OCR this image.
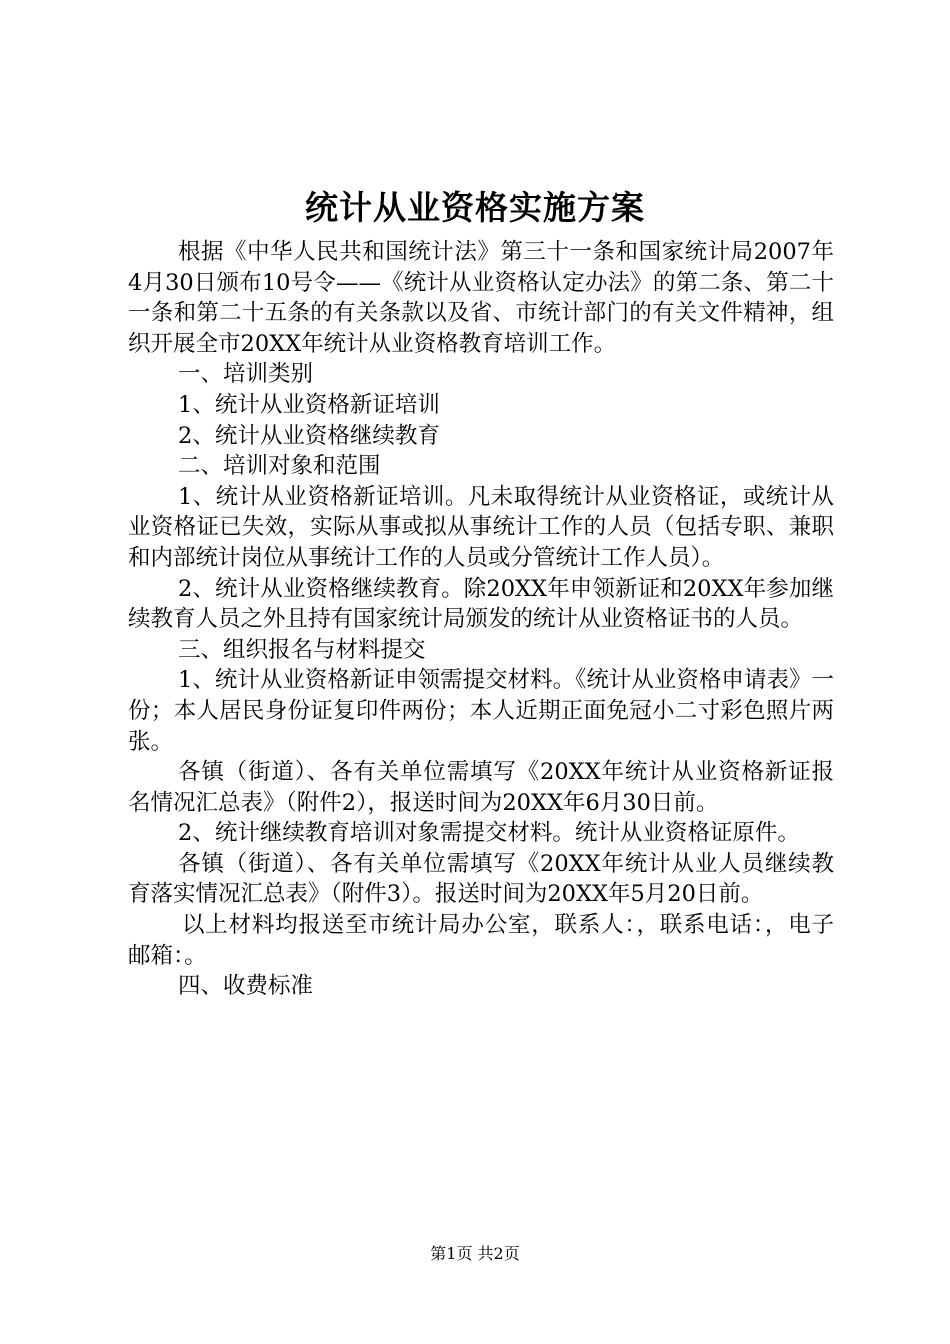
统计从业资格实施方案

根据《中华人民共和国统计法》第三十一条和国家统计局2007年4月30日颁布10号令——《统计从业资格认定办法》的第二条、第二十一条和第二十五条的有关条款以及省、市统计部门的有关文件精神，组织开展全市20XX年统计从业资格教育培训工作。

一、培训类别

1、统计从业资格新证培训

2、统计从业资格继续教育

二、培训对象和范围

1、统计从业资格新证培训。凡未取得统计从业资格证，或统计从业资格证已失效，实际从事或拟从事统计工作的人员（包括专职、兼职和内部统计岗位从事统计工作的人员或分管统计工作人员）。

2、统计从业资格继续教育。除20XX年申领新证和20XX年参加继续教育人员之外且持有国家统计局颁发的统计从业资格证书的人员。

三、组织报名与材料提交

1、统计从业资格新证申领需提交材料。《统计从业资格申请表》一份；本人居民身份证复印件两份；本人近期正面免冠小二寸彩色照片两张。

各镇（街道）、各有关单位需填写《20XX年统计从业资格新证报名情况汇总表》（附件2），报送时间为20XX年6月30日前。

2、统计继续教育培训对象需提交材料。统计从业资格证原件。

各镇（街道）、各有关单位需填写《20XX年统计从业人员继续教育落实情况汇总表》（附件3）。报送时间为20XX年5月20日前。

以上材料均报送至市统计局办公室，联系人：，联系电话：，电子邮箱：。

四、收费标准

第1页 共2页
